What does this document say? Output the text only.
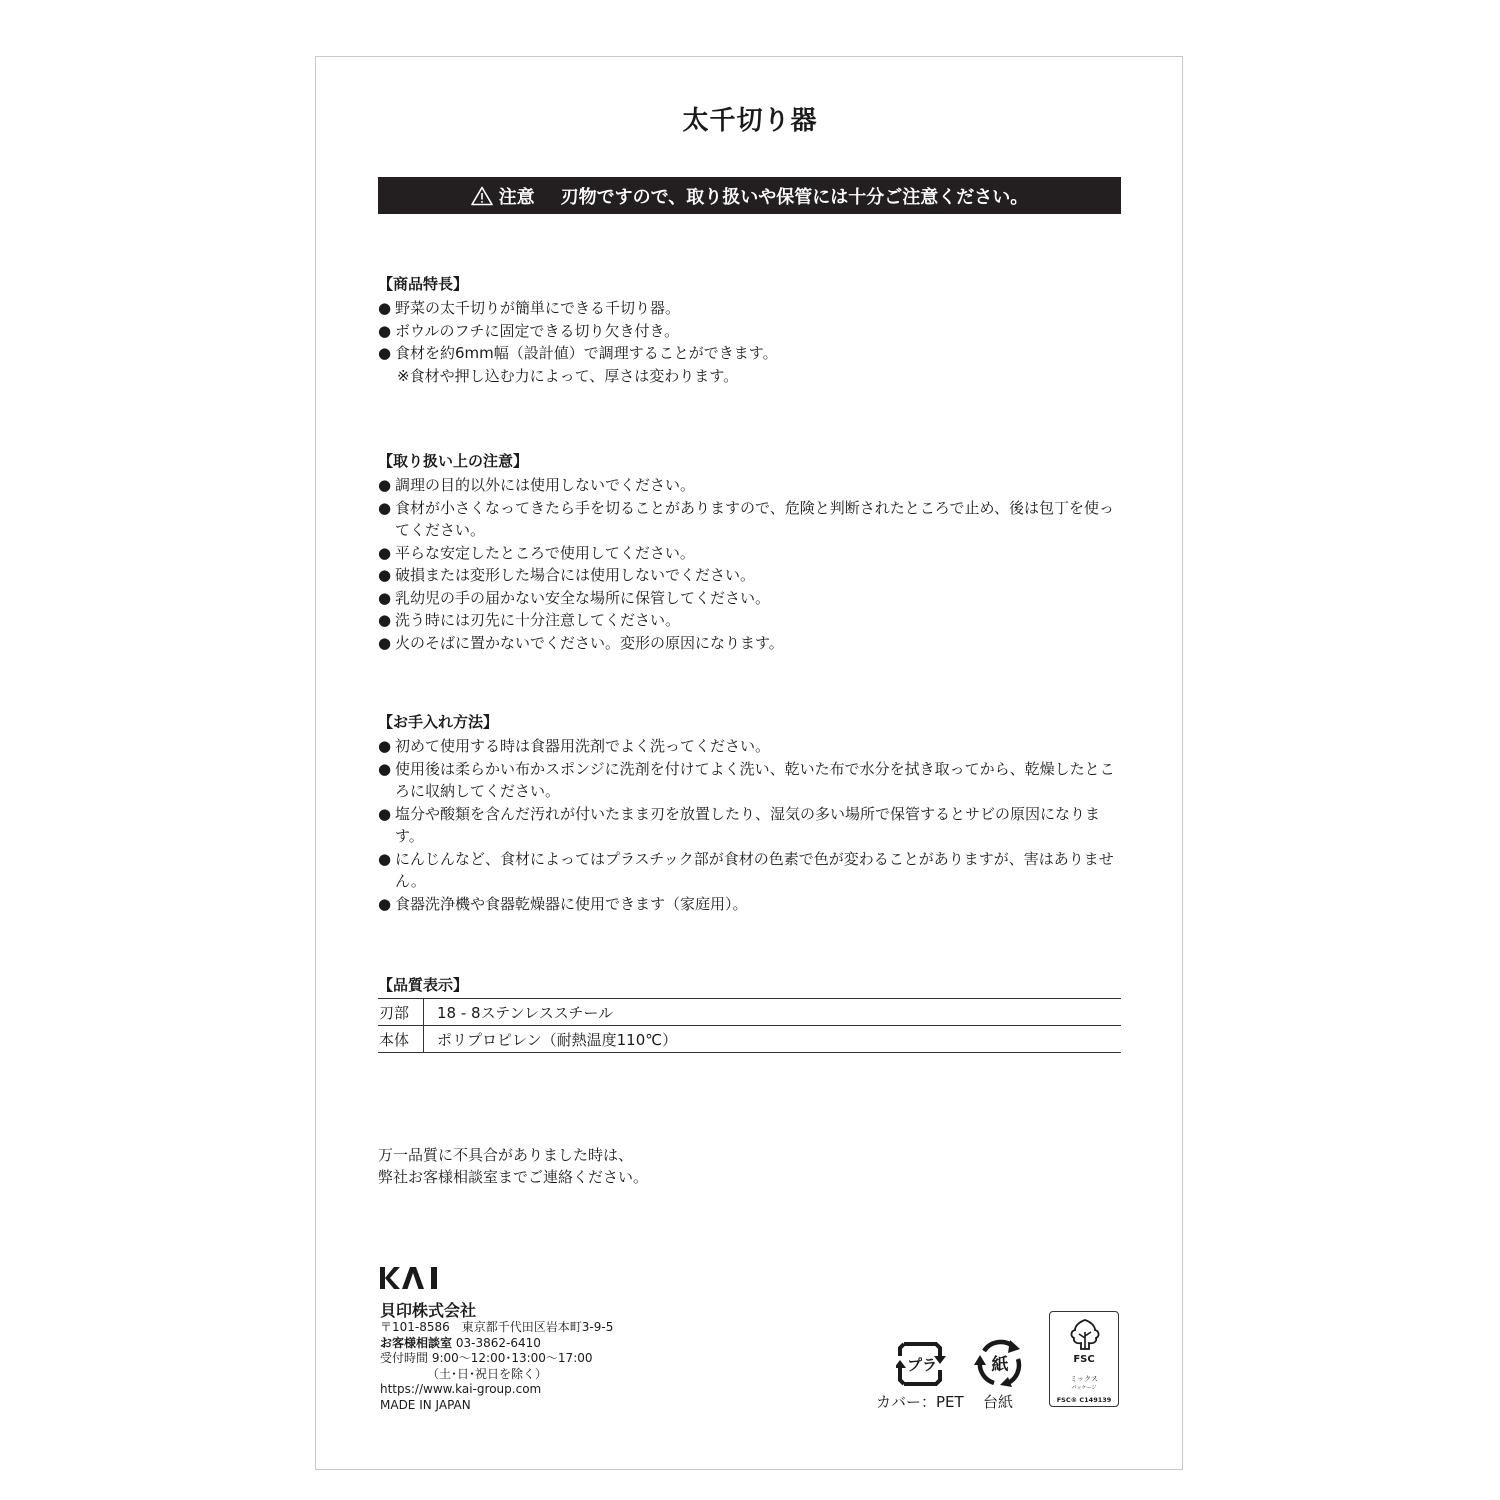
太千切り器
注意 刃物ですので、取り扱いや保管には十分ご注意ください。
【商品特長】
● 野菜の太千切りが簡単にできる千切り器。
● ボウルのフチに固定できる切り欠き付き。
● 食材を約6mm幅（設計値）で調理することができます。
※食材や押し込む力によって、厚さは変わります。
【取り扱い上の注意】
● 調理の目的以外には使用しないでください。
● 食材が小さくなってきたら手を切ることがありますので、危険と判断されたところで止め、後は包丁を使ってください。
● 平らな安定したところで使用してください。
● 破損または変形した場合には使用しないでください。
● 乳幼児の手の届かない安全な場所に保管してください。
● 洗う時には刃先に十分注意してください。
● 火のそばに置かないでください。変形の原因になります。
【お手入れ方法】
● 初めて使用する時は食器用洗剤でよく洗ってください。
● 使用後は柔らかい布かスポンジに洗剤を付けてよく洗い、乾いた布で水分を拭き取ってから、乾燥したところに収納してください。
● 塩分や酸類を含んだ汚れが付いたまま刃を放置したり、湿気の多い場所で保管するとサビの原因になります。
● にんじんなど、食材によってはプラスチック部が食材の色素で色が変わることがありますが、害はありません。
● 食器洗浄機や食器乾燥器に使用できます（家庭用）。
【品質表示】
刃部	18 - 8ステンレススチール
本体	ポリプロピレン（耐熱温度110℃）
万一品質に不具合がありました時は、
弊社お客様相談室までご連絡ください。
貝印株式会社
〒101-8586　東京都千代田区岩本町3-9-5
お客様相談室 03-3862-6410
受付時間 9:00〜12:00･13:00〜17:00
（土･日･祝日を除く）
https://www.kai-group.com
MADE IN JAPAN
プラ
カバー：PET
紙
台紙
FSC
ミックス
パッケージ
FSC® C149139
